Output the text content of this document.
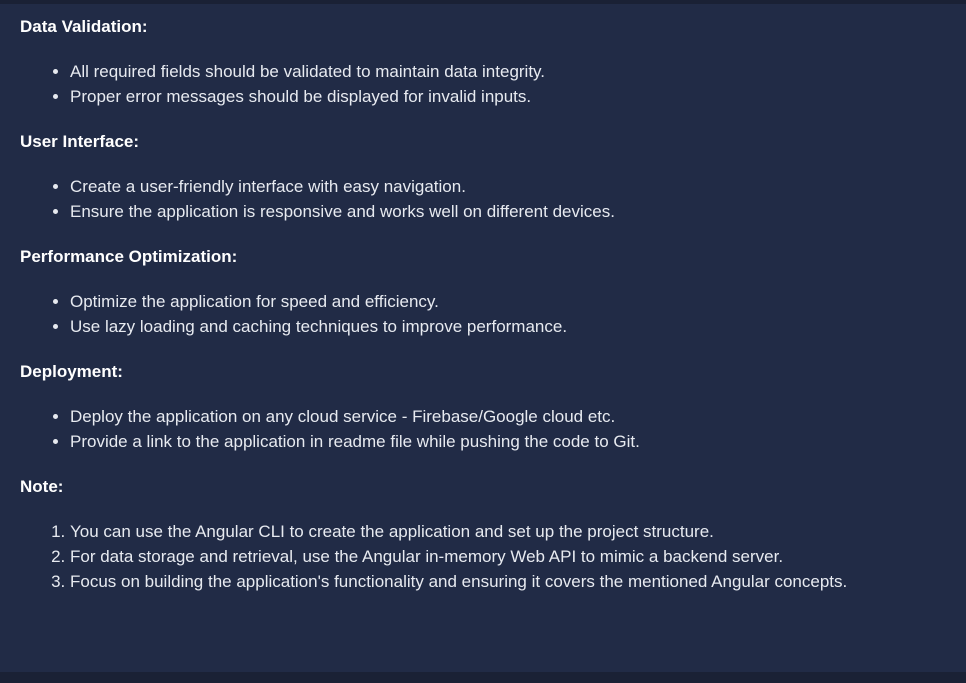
Data Validation:

• All required fields should be validated to maintain data integrity.
• Proper error messages should be displayed for invalid inputs.

User Interface:

• Create a user-friendly interface with easy navigation.
• Ensure the application is responsive and works well on different devices.

Performance Optimization:

• Optimize the application for speed and efficiency.
• Use lazy loading and caching techniques to improve performance.

Deployment:

• Deploy the application on any cloud service - Firebase/Google cloud etc.
• Provide a link to the application in readme file while pushing the code to Git.

Note:

1. You can use the Angular CLI to create the application and set up the project structure.
2. For data storage and retrieval, use the Angular in-memory Web API to mimic a backend server.
3. Focus on building the application's functionality and ensuring it covers the mentioned Angular concepts.
